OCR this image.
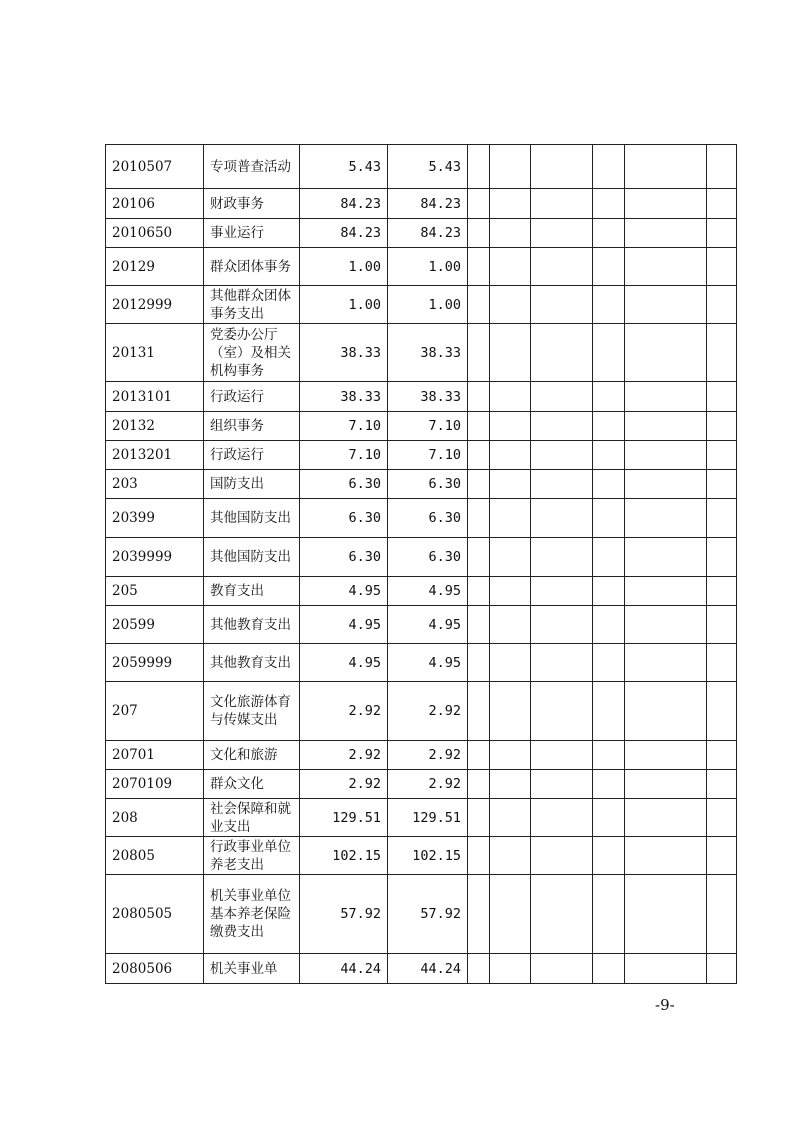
2010507	专项普查活动	5.43	5.43						
20106	财政事务	84.23	84.23						
2010650	事业运行	84.23	84.23						
20129	群众团体事务	1.00	1.00						
2012999	其他群众团体事务支出	1.00	1.00						
20131	党委办公厅（室）及相关机构事务	38.33	38.33						
2013101	行政运行	38.33	38.33						
20132	组织事务	7.10	7.10						
2013201	行政运行	7.10	7.10						
203	国防支出	6.30	6.30						
20399	其他国防支出	6.30	6.30						
2039999	其他国防支出	6.30	6.30						
205	教育支出	4.95	4.95						
20599	其他教育支出	4.95	4.95						
2059999	其他教育支出	4.95	4.95						
207	文化旅游体育与传媒支出	2.92	2.92						
20701	文化和旅游	2.92	2.92						
2070109	群众文化	2.92	2.92						
208	社会保障和就业支出	129.51	129.51						
20805	行政事业单位养老支出	102.15	102.15						
2080505	机关事业单位基本养老保险缴费支出	57.92	57.92						
2080506	机关事业单	44.24	44.24						
-9-
